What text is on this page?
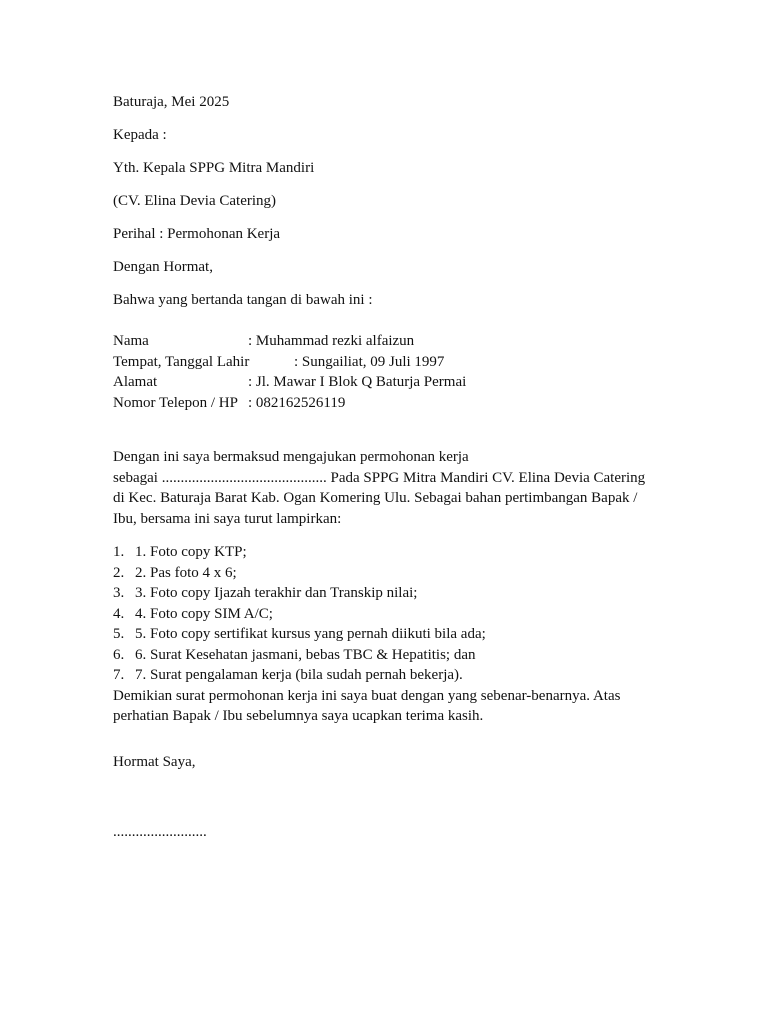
Baturaja, Mei 2025

Kepada :

Yth. Kepala SPPG Mitra Mandiri

(CV. Elina Devia Catering)

Perihal : Permohonan Kerja

Dengan Hormat,

Bahwa yang bertanda tangan di bawah ini :

Nama	: Muhammad rezki alfaizun
Tempat, Tanggal Lahir	: Sungailiat, 09 Juli 1997
Alamat	: Jl. Mawar I Blok Q Baturja Permai
Nomor Telepon / HP : 082162526119

Dengan ini saya bermaksud mengajukan permohonan kerja

sebagai ............................................ Pada SPPG Mitra Mandiri CV. Elina Devia Catering di Kec. Baturaja Barat Kab. Ogan Komering Ulu. Sebagai bahan pertimbangan Bapak / Ibu, bersama ini saya turut lampirkan:

1. 1. Foto copy KTP;
2. 2. Pas foto 4 x 6;
3. 3. Foto copy Ijazah terakhir dan Transkip nilai;
4. 4. Foto copy SIM A/C;
5. 5. Foto copy sertifikat kursus yang pernah diikuti bila ada;
6. 6. Surat Kesehatan jasmani, bebas TBC & Hepatitis; dan
7. 7. Surat pengalaman kerja (bila sudah pernah bekerja).

Demikian surat permohonan kerja ini saya buat dengan yang sebenar-benarnya. Atas perhatian Bapak / Ibu sebelumnya saya ucapkan terima kasih.

Hormat Saya,

.........................
